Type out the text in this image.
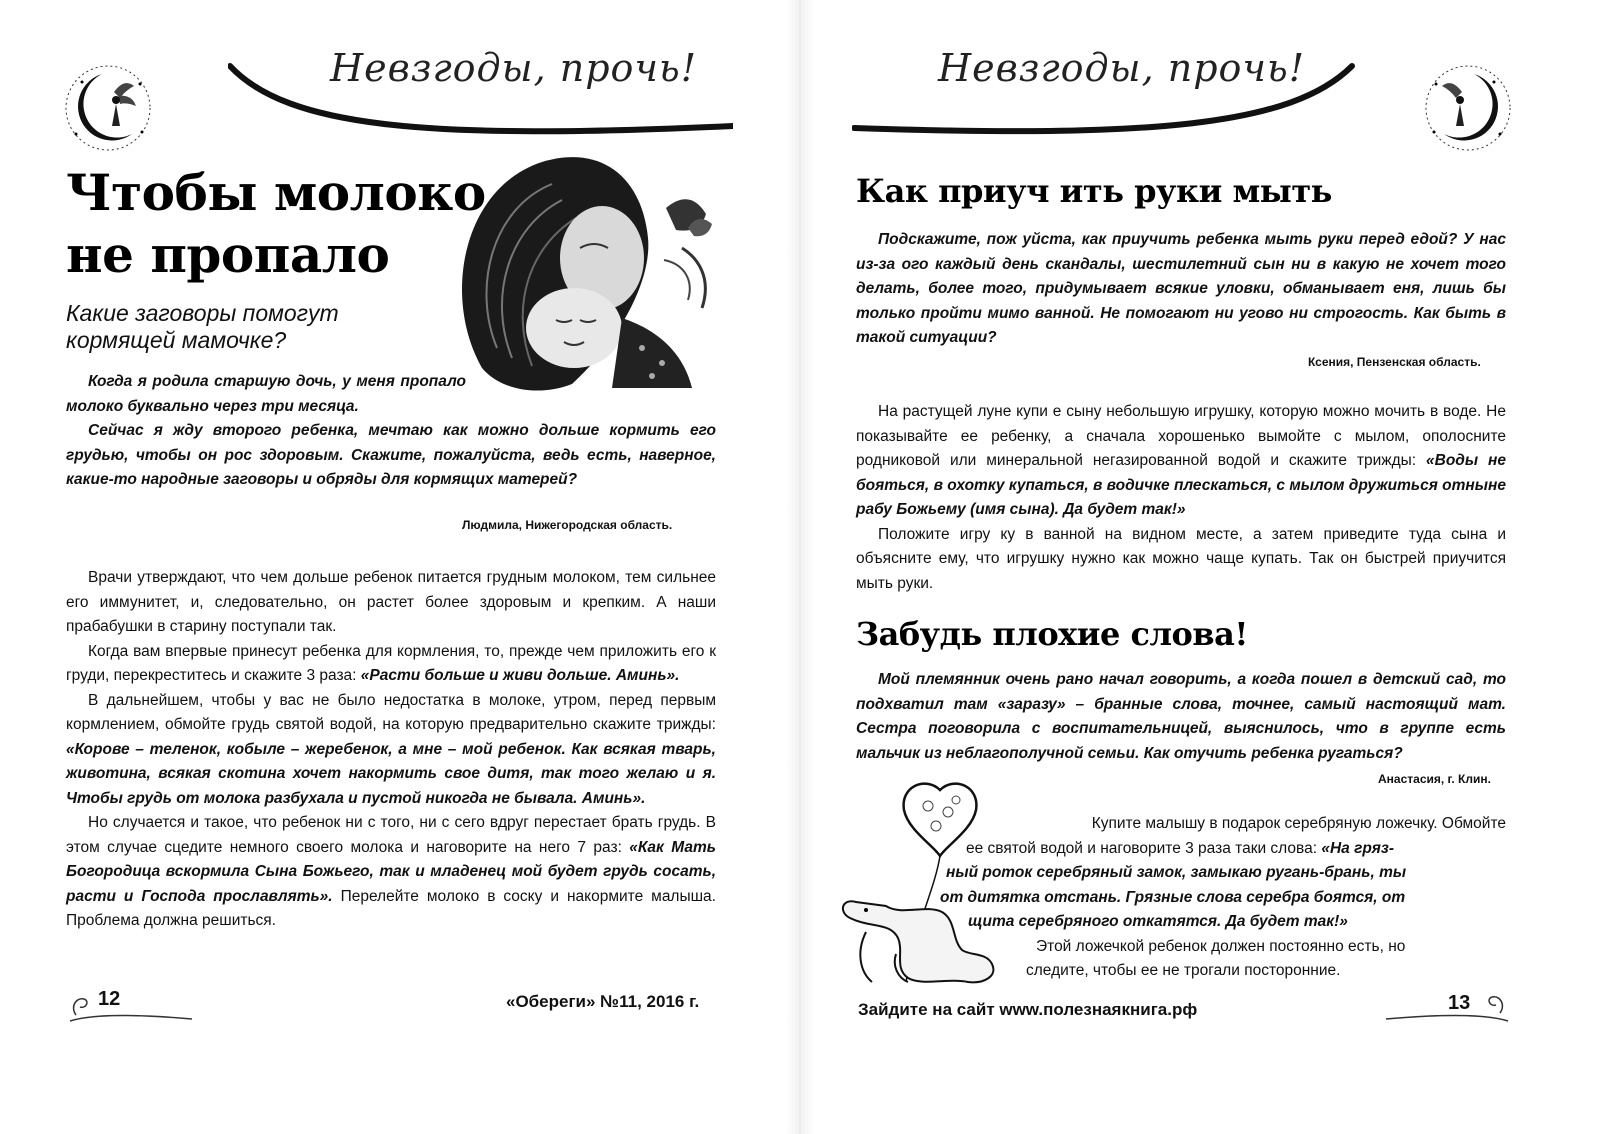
Невзгоды, прочь!
Чтобы молоко
не пропало
Какие заговоры помогут
кормящей мамочке?

Когда я родила старшую дочь, у меня пропало молоко буквально через три месяца.

Сейчас я жду второго ребенка, мечтаю как можно дольше кормить его грудью, чтобы он рос здоровым. Скажите, пожалуйста, ведь есть, наверное, какие-то народные заговоры и обряды для кормящих матерей?

Людмила, Нижегородская область.

Врачи утверждают, что чем дольше ребенок питается грудным молоком, тем сильнее его иммунитет, и, следовательно, он растет более здоровым и крепким. А наши прабабушки в старину поступали так.

Когда вам впервые принесут ребенка для кормления, то, прежде чем приложить его к груди, перекреститесь и скажите 3 раза: «Расти больше и живи дольше. Аминь».

В дальнейшем, чтобы у вас не было недостатка в молоке, утром, перед первым кормлением, обмойте грудь святой водой, на которую предварительно скажите трижды: «Корове – теленок, кобыле – жеребенок, а мне – мой ребенок. Как всякая тварь, животина, всякая скотина хочет накормить свое дитя, так того желаю и я. Чтобы грудь от молока разбухала и пустой никогда не бывала. Аминь».

Но случается и такое, что ребенок ни с того, ни с сего вдруг перестает брать грудь. В этом случае сцедите немного своего молока и наговорите на него 7 раз: «Как Мать Богородица вскормила Сына Божьего, так и младенец мой будет грудь сосать, расти и Господа прославлять». Перелейте молоко в соску и накормите малыша. Проблема должна решиться.

12	«Обереги» №11, 2016 г.
Невзгоды, прочь!
Как приуч ить руки мыть
Подскажите, пож уйста, как приучить ребенка мыть руки перед едой? У нас из-за ого каждый день скандалы, шестилетний сын ни в какую не хочет того делать, более того, придумывает всякие уловки, обманывает еня, лишь бы только пройти мимо ванной. Не помогают ни угово ни строгость. Как быть в такой ситуации?
Ксения, Пензенская область.

На растущей луне купи е сыну небольшую игрушку, которую можно мочить в воде. Не показывайте ее ребенку, а сначала хорошенько вымойте с мылом, ополосните родниковой или минеральной негазированной водой и скажите трижды: «Воды не бояться, в охотку купаться, в водичке плескаться, с мылом дружиться отныне рабу Божьему (имя сына). Да будет так!»

Положите игру ку в ванной на видном месте, а затем приведите туда сына и объясните ему, что игрушку нужно как можно чаще купать. Так он быстрей приучится мыть руки.

Забудь плохие слова!
Мой племянник очень рано начал говорить, а когда пошел в детский сад, то подхватил там «заразу» – бранные слова, точнее, самый настоящий мат. Сестра поговорила с воспитательницей, выяснилось, что в группе есть мальчик из неблагополучной семьи. Как отучить ребенка ругаться?
Анастасия, г. Клин.
Купите малышу в подарок серебряную ложечку. Обмойте
ее святой водой и наговорите 3 раза таки слова: «На гряз-
ный роток серебряный замок, замыкаю ругань-брань, ты
от дитятка отстань. Грязные слова серебра боятся, от
щита серебряного откатятся. Да будет так!»
Этой ложечкой ребенок должен постоянно есть, но
следите, чтобы ее не трогали посторонние.
Зайдите на сайт www.полезнаякнига.рф	13
